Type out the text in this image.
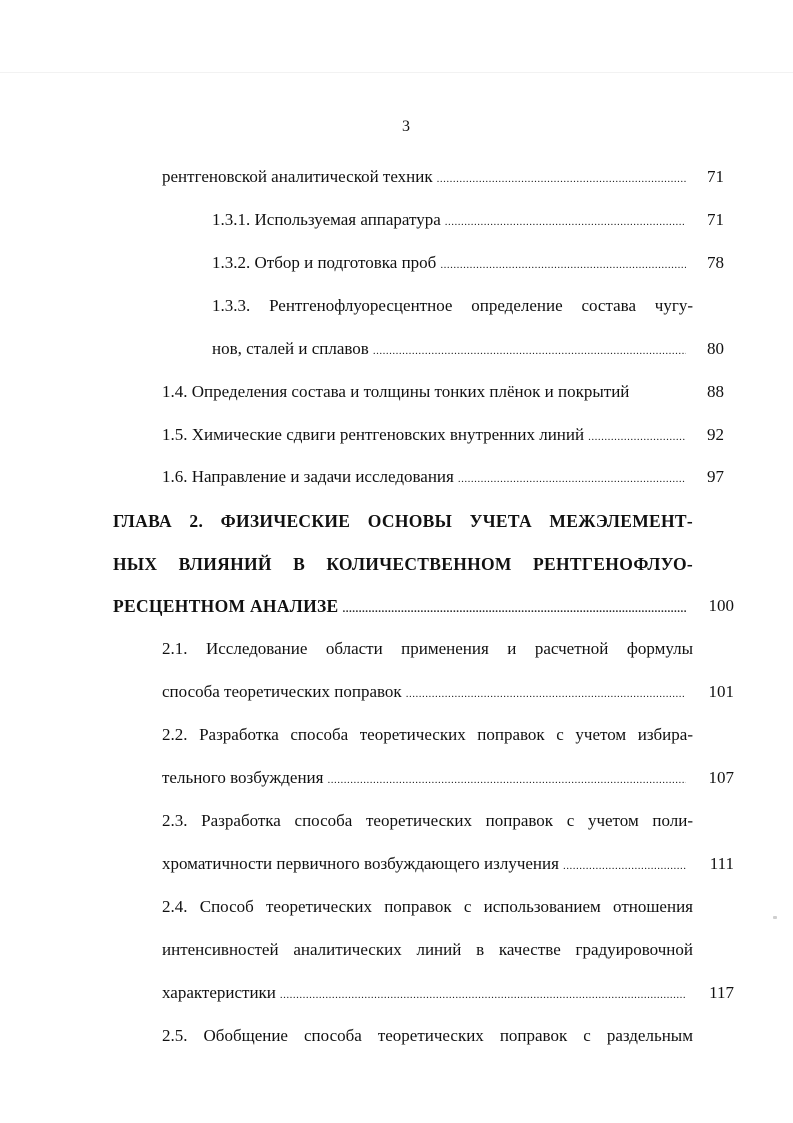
3
рентгеновской аналитической техник .....	71
1.3.1. Используемая аппаратура .....	71
1.3.2. Отбор и подготовка проб .....	78
1.3.3. Рентгенофлуоресцентное определение состава чугу-
нов, сталей и сплавов .....	80
1.4. Определения состава и толщины тонких плёнок и покрытий	88
1.5. Химические сдвиги рентгеновских внутренних линий .....	92
1.6. Направление и задачи исследования .....	97
ГЛАВА 2. ФИЗИЧЕСКИЕ ОСНОВЫ УЧЕТА МЕЖЭЛЕМЕНТ-
НЫХ ВЛИЯНИЙ В КОЛИЧЕСТВЕННОМ РЕНТГЕНОФЛУО-
РЕСЦЕНТНОМ АНАЛИЗЕ .....	100
2.1. Исследование области применения и расчетной формулы
способа теоретических поправок .....	101
2.2. Разработка способа теоретических поправок с учетом избира-
тельного возбуждения .....	107
2.3. Разработка способа теоретических поправок с учетом поли-
хроматичности первичного возбуждающего излучения .....	111
2.4. Способ теоретических поправок с использованием отношения
интенсивностей аналитических линий в качестве градуировочной
характеристики .....	117
2.5. Обобщение способа теоретических поправок с раздельным
